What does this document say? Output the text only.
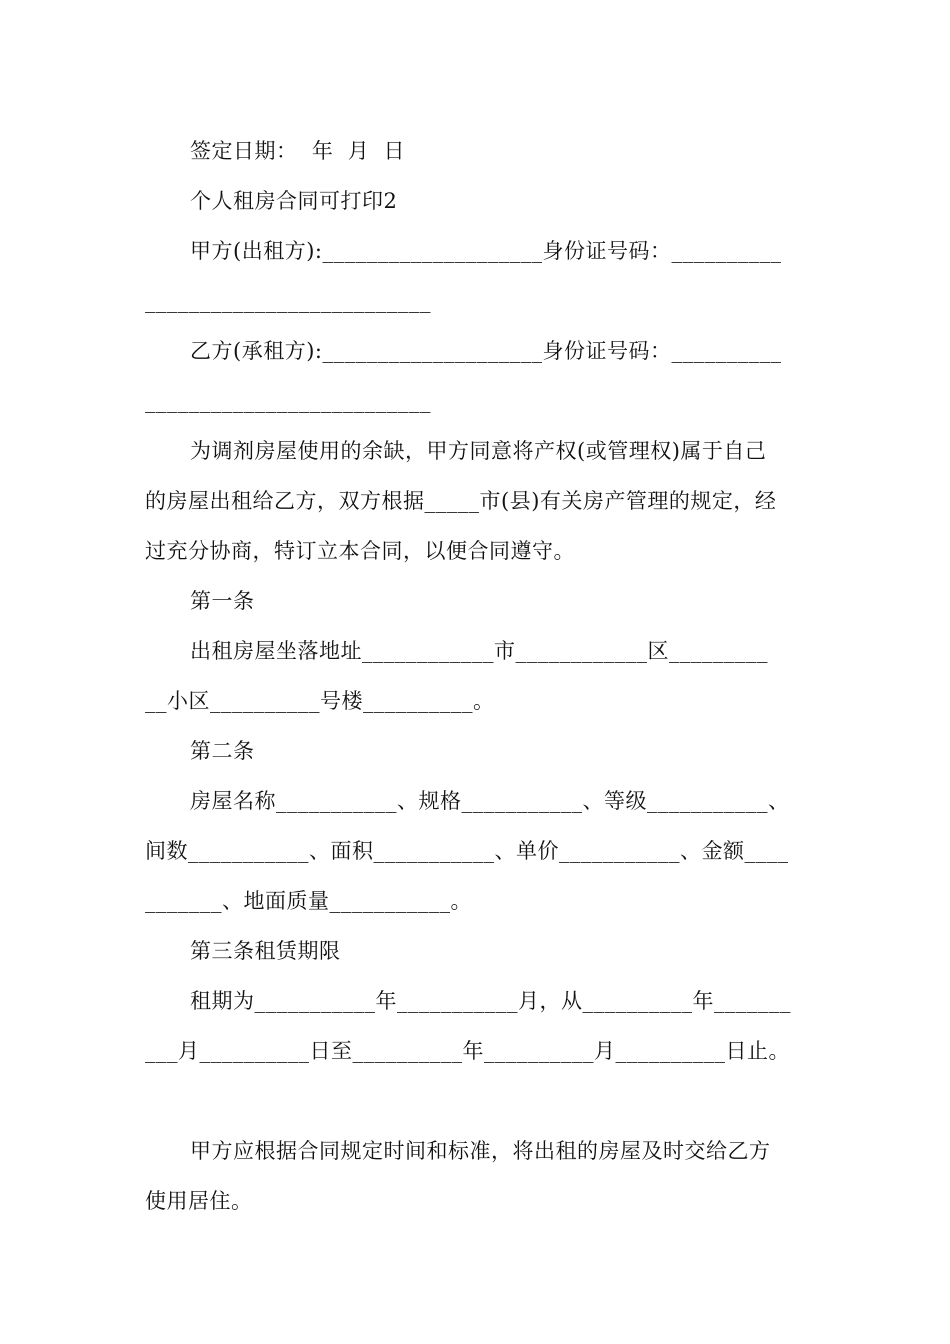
签定日期：  年  月  日
个人租房合同可打印2
甲方(出租方):____________________身份证号码：__________
__________________________
乙方(承租方):____________________身份证号码：__________
__________________________
为调剂房屋使用的余缺，甲方同意将产权(或管理权)属于自己
的房屋出租给乙方，双方根据_____市(县)有关房产管理的规定，经
过充分协商，特订立本合同，以便合同遵守。
第一条
出租房屋坐落地址____________市____________区_________
__小区__________号楼__________。
第二条
房屋名称___________、规格___________、等级___________、
间数___________、面积___________、单价___________、金额____
_______、地面质量___________。
第三条租赁期限
租期为___________年___________月，从__________年_______
___月__________日至__________年__________月__________日止。
甲方应根据合同规定时间和标准，将出租的房屋及时交给乙方
使用居住。
